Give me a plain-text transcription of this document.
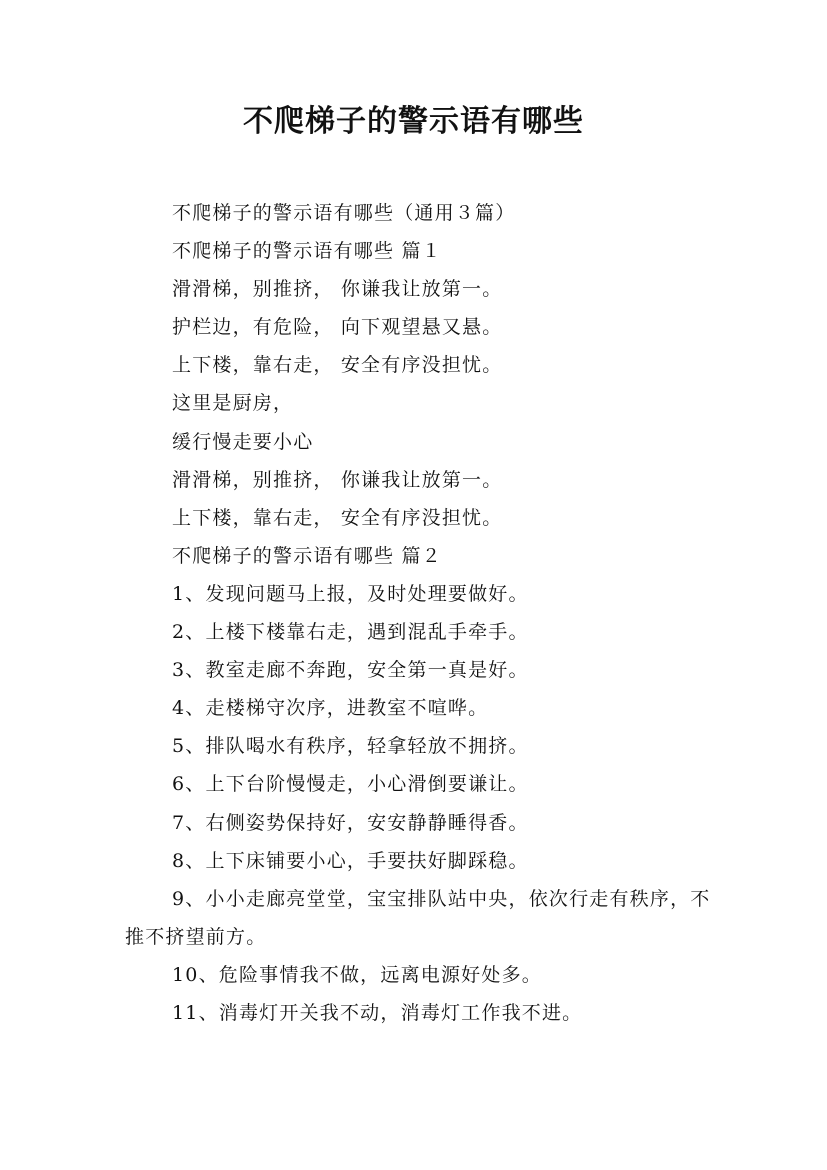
不爬梯子的警示语有哪些

不爬梯子的警示语有哪些（通用３篇）

不爬梯子的警示语有哪些 篇１

滑滑梯，别推挤， 你谦我让放第一。

护栏边，有危险， 向下观望悬又悬。

上下楼，靠右走， 安全有序没担忧。

这里是厨房，

缓行慢走要小心

滑滑梯，别推挤， 你谦我让放第一。

上下楼，靠右走， 安全有序没担忧。

不爬梯子的警示语有哪些 篇２

1、发现问题马上报，及时处理要做好。

2、上楼下楼靠右走，遇到混乱手牵手。

3、教室走廊不奔跑，安全第一真是好。

4、走楼梯守次序，进教室不喧哗。

5、排队喝水有秩序，轻拿轻放不拥挤。

6、上下台阶慢慢走，小心滑倒要谦让。

7、右侧姿势保持好，安安静静睡得香。

8、上下床铺要小心，手要扶好脚踩稳。

9、小小走廊亮堂堂，宝宝排队站中央，依次行走有秩序，不推不挤望前方。

10、危险事情我不做，远离电源好处多。

11、消毒灯开关我不动，消毒灯工作我不进。
